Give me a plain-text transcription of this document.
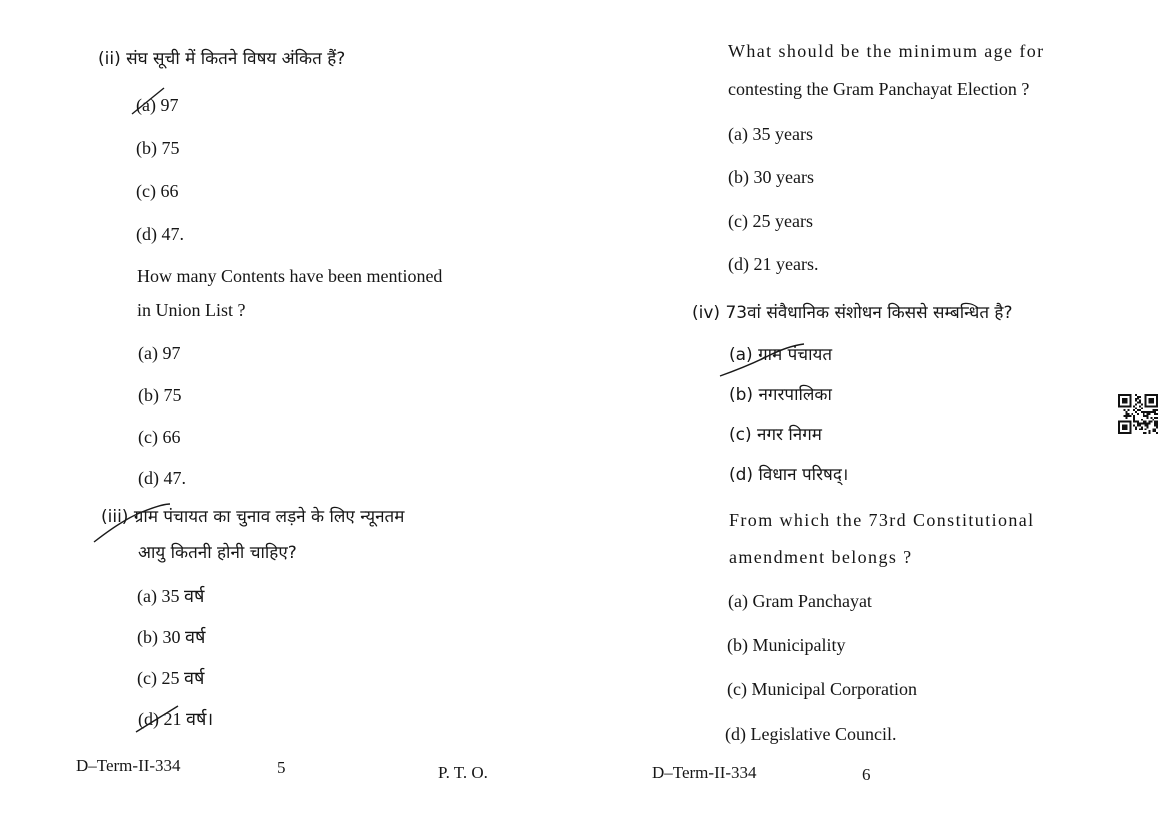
(ii) संघ सूची में कितने विषय अंकित हैं?
(a) 97
(b) 75
(c) 66
(d) 47.
How many Contents have been mentioned
in Union List ?
(a) 97
(b) 75
(c) 66
(d) 47.
(iii) ग्राम पंचायत का चुनाव लड़ने के लिए न्यूनतम
आयु कितनी होनी चाहिए?
(a) 35 वर्ष
(b) 30 वर्ष
(c) 25 वर्ष
(d) 21 वर्ष।
What should be the minimum age for
contesting the Gram Panchayat Election ?
(a) 35 years
(b) 30 years
(c) 25 years
(d) 21 years.
(iv) 73वां संवैधानिक संशोधन किससे सम्बन्धित है?
(a) ग्राम पंचायत
(b) नगरपालिका
(c) नगर निगम
(d) विधान परिषद्।
From which the 73rd Constitutional
amendment belongs ?
(a) Gram Panchayat
(b) Municipality
(c) Municipal Corporation
(d) Legislative Council.
D–Term-II-334	5	P. T. O.	D–Term-II-334	6
